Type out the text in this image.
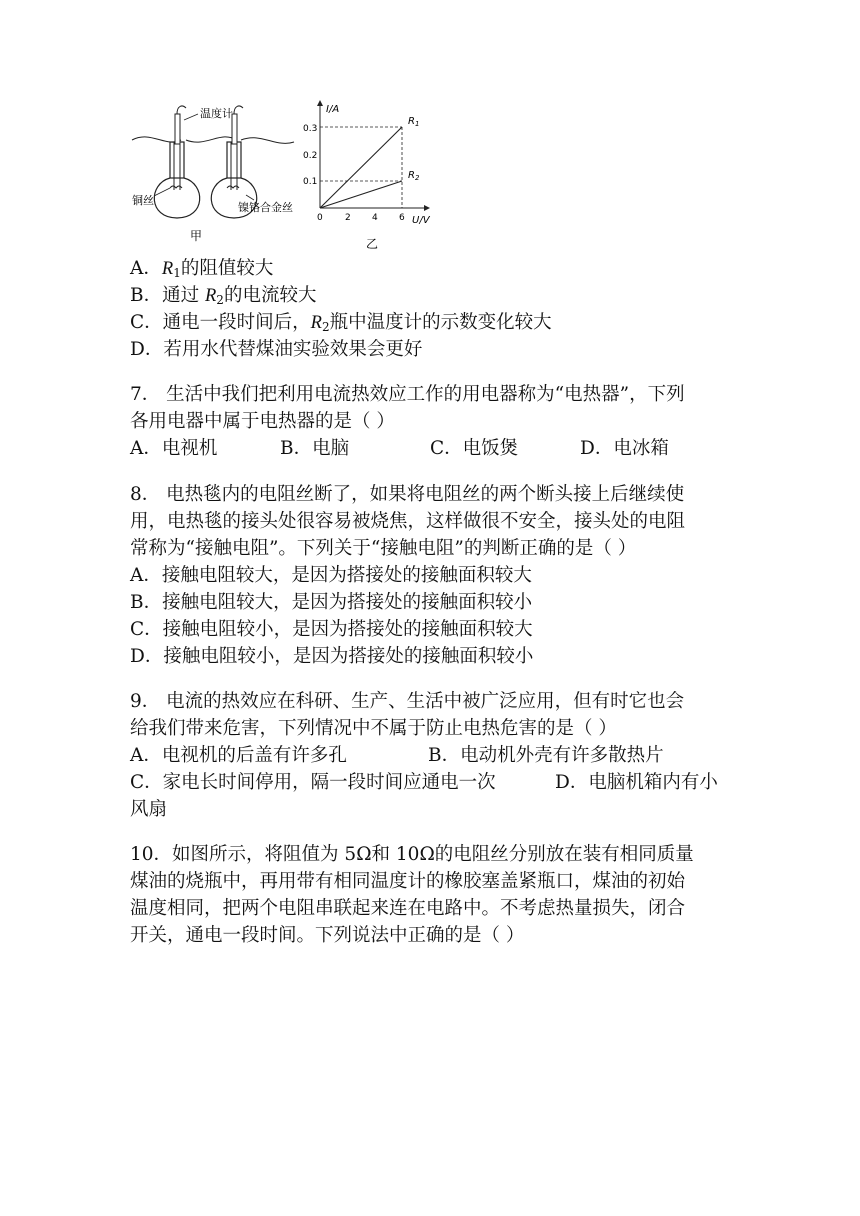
温度计
铜丝
镍铬合金丝
甲
I/A
U/V
0.3
0.2
0.1
0 2 4 6
$R_1$
$R_2$
乙
A．$R_1$的阻值较大
B．通过 $R_2$的电流较大
C．通电一段时间后，$R_2$瓶中温度计的示数变化较大
D．若用水代替煤油实验效果会更好
7． 生活中我们把利用电流热效应工作的用电器称为“电热器”，下列
各用电器中属于电热器的是（ ）
A．电视机	B．电脑	C．电饭煲	D．电冰箱
8． 电热毯内的电阻丝断了，如果将电阻丝的两个断头接上后继续使
用，电热毯的接头处很容易被烧焦，这样做很不安全，接头处的电阻
常称为“接触电阻”。下列关于“接触电阻”的判断正确的是（ ）
A．接触电阻较大，是因为搭接处的接触面积较大
B．接触电阻较大，是因为搭接处的接触面积较小
C．接触电阻较小，是因为搭接处的接触面积较大
D．接触电阻较小，是因为搭接处的接触面积较小
9． 电流的热效应在科研、生产、生活中被广泛应用，但有时它也会
给我们带来危害，下列情况中不属于防止电热危害的是（ ）
A．电视机的后盖有许多孔	B．电动机外壳有许多散热片
C．家电长时间停用，隔一段时间应通电一次	D．电脑机箱内有小
风扇
10．如图所示，将阻值为 5Ω和 10Ω的电阻丝分别放在装有相同质量
煤油的烧瓶中，再用带有相同温度计的橡胶塞盖紧瓶口，煤油的初始
温度相同，把两个电阻串联起来连在电路中。不考虑热量损失，闭合
开关，通电一段时间。下列说法中正确的是（ ）
